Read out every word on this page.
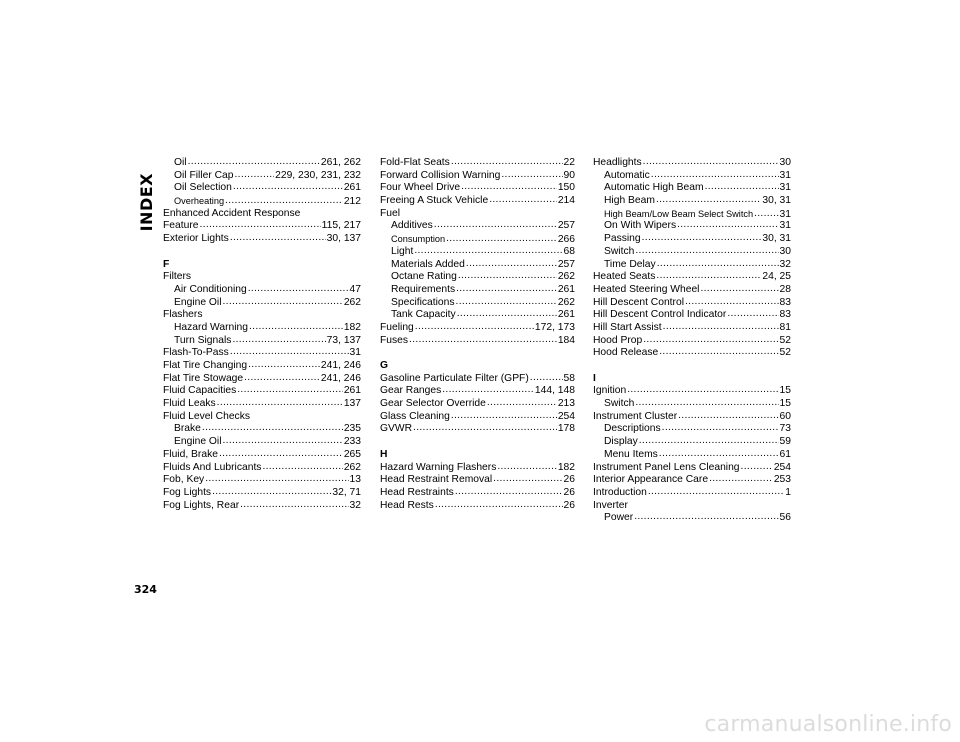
INDEX
Oil .....	261, 262
Oil Filler Cap .....	229, 230, 231, 232
Oil Selection .....	261
Overheating .....	212
Enhanced Accident Response
Feature .....	115, 217
Exterior Lights .....	30, 137
F
Filters
Air Conditioning .....	47
Engine Oil .....	262
Flashers
Hazard Warning .....	182
Turn Signals .....	73, 137
Flash-To-Pass .....	31
Flat Tire Changing .....	241, 246
Flat Tire Stowage .....	241, 246
Fluid Capacities .....	261
Fluid Leaks .....	137
Fluid Level Checks
Brake .....	235
Engine Oil .....	233
Fluid, Brake .....	265
Fluids And Lubricants .....	262
Fob, Key .....	13
Fog Lights .....	32, 71
Fog Lights, Rear .....	32
Fold-Flat Seats .....	22
Forward Collision Warning .....	90
Four Wheel Drive .....	150
Freeing A Stuck Vehicle .....	214
Fuel
Additives .....	257
Consumption .....	266
Light .....	68
Materials Added .....	257
Octane Rating .....	262
Requirements .....	261
Specifications .....	262
Tank Capacity .....	261
Fueling .....	172, 173
Fuses .....	184
G
Gasoline Particulate Filter (GPF) .....	58
Gear Ranges .....	144, 148
Gear Selector Override .....	213
Glass Cleaning .....	254
GVWR .....	178
H
Hazard Warning Flashers .....	182
Head Restraint Removal .....	26
Head Restraints .....	26
Head Rests .....	26
Headlights .....	30
Automatic .....	31
Automatic High Beam .....	31
High Beam .....	30, 31
High Beam/Low Beam Select Switch .....	31
On With Wipers .....	31
Passing .....	30, 31
Switch .....	30
Time Delay .....	32
Heated Seats .....	24, 25
Heated Steering Wheel .....	28
Hill Descent Control .....	83
Hill Descent Control Indicator .....	83
Hill Start Assist .....	81
Hood Prop .....	52
Hood Release .....	52
I
Ignition .....	15
Switch .....	15
Instrument Cluster .....	60
Descriptions .....	73
Display .....	59
Menu Items .....	61
Instrument Panel Lens Cleaning .....	254
Interior Appearance Care .....	253
Introduction .....	1
Inverter
Power .....	56
324
carmanualsonline.info
